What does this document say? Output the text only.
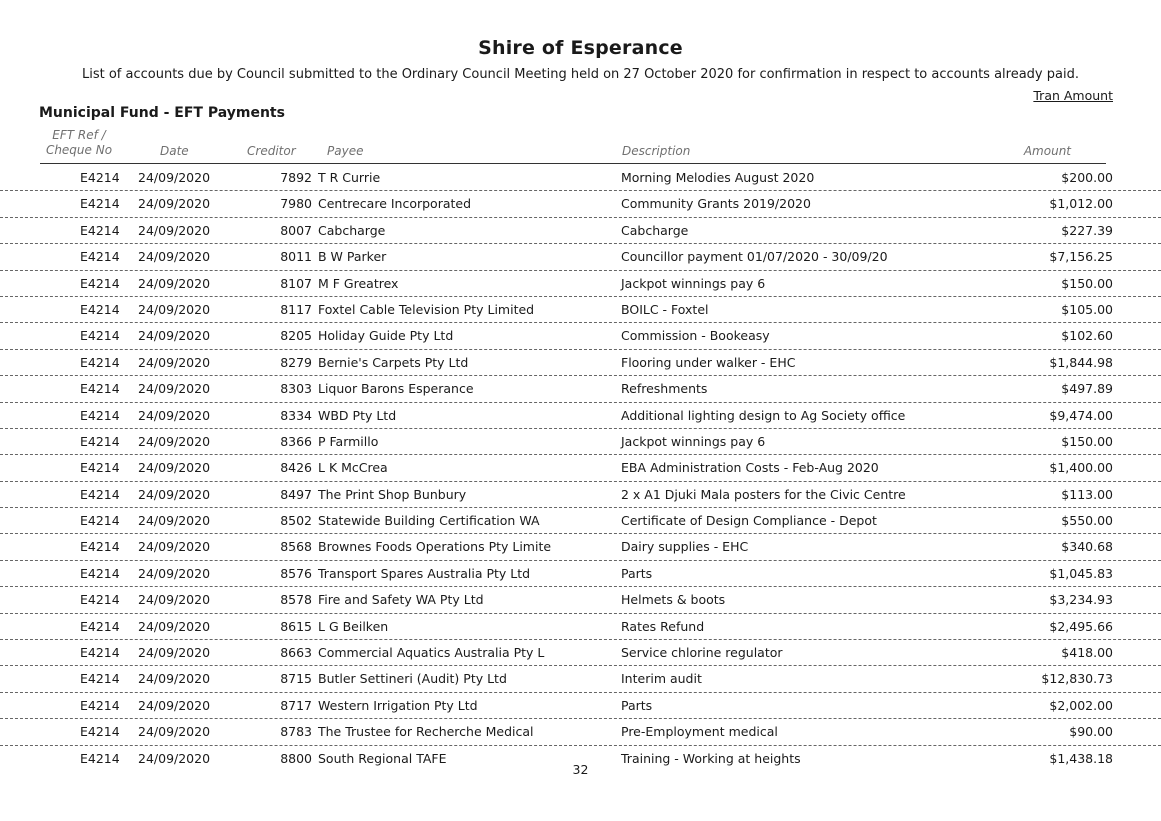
Shire of Esperance
List of accounts due by Council submitted to the Ordinary Council Meeting held on 27 October 2020 for confirmation in respect to accounts already paid.
Tran Amount
Municipal Fund - EFT Payments
EFT Ref /
Cheque No	Date	Creditor	Payee	Description	Amount
E4214 24/09/2020	7892 T R Currie	Morning Melodies August 2020	$200.00
E4214 24/09/2020	7980 Centrecare Incorporated	Community Grants 2019/2020	$1,012.00
E4214 24/09/2020	8007 Cabcharge	Cabcharge	$227.39
E4214 24/09/2020	8011 B W Parker	Councillor payment 01/07/2020 - 30/09/20	$7,156.25
E4214 24/09/2020	8107 M F Greatrex	Jackpot winnings pay 6	$150.00
E4214 24/09/2020	8117 Foxtel Cable Television Pty Limited	BOILC - Foxtel	$105.00
E4214 24/09/2020	8205 Holiday Guide Pty Ltd	Commission - Bookeasy	$102.60
E4214 24/09/2020	8279 Bernie's Carpets Pty Ltd	Flooring under walker - EHC	$1,844.98
E4214 24/09/2020	8303 Liquor Barons Esperance	Refreshments	$497.89
E4214 24/09/2020	8334 WBD Pty Ltd	Additional lighting design to Ag Society office	$9,474.00
E4214 24/09/2020	8366 P Farmillo	Jackpot winnings pay 6	$150.00
E4214 24/09/2020	8426 L K McCrea	EBA Administration Costs - Feb-Aug 2020	$1,400.00
E4214 24/09/2020	8497 The Print Shop Bunbury	2 x A1 Djuki Mala posters for the Civic Centre	$113.00
E4214 24/09/2020	8502 Statewide Building Certification WA	Certificate of Design Compliance - Depot	$550.00
E4214 24/09/2020	8568 Brownes Foods Operations Pty Limite	Dairy supplies - EHC	$340.68
E4214 24/09/2020	8576 Transport Spares Australia Pty Ltd	Parts	$1,045.83
E4214 24/09/2020	8578 Fire and Safety WA Pty Ltd	Helmets & boots	$3,234.93
E4214 24/09/2020	8615 L G Beilken	Rates Refund	$2,495.66
E4214 24/09/2020	8663 Commercial Aquatics Australia Pty L	Service chlorine regulator	$418.00
E4214 24/09/2020	8715 Butler Settineri (Audit) Pty Ltd	Interim audit	$12,830.73
E4214 24/09/2020	8717 Western Irrigation Pty Ltd	Parts	$2,002.00
E4214 24/09/2020	8783 The Trustee for Recherche Medical	Pre-Employment medical	$90.00
E4214 24/09/2020	8800 South Regional TAFE	Training - Working at heights	$1,438.18
32
